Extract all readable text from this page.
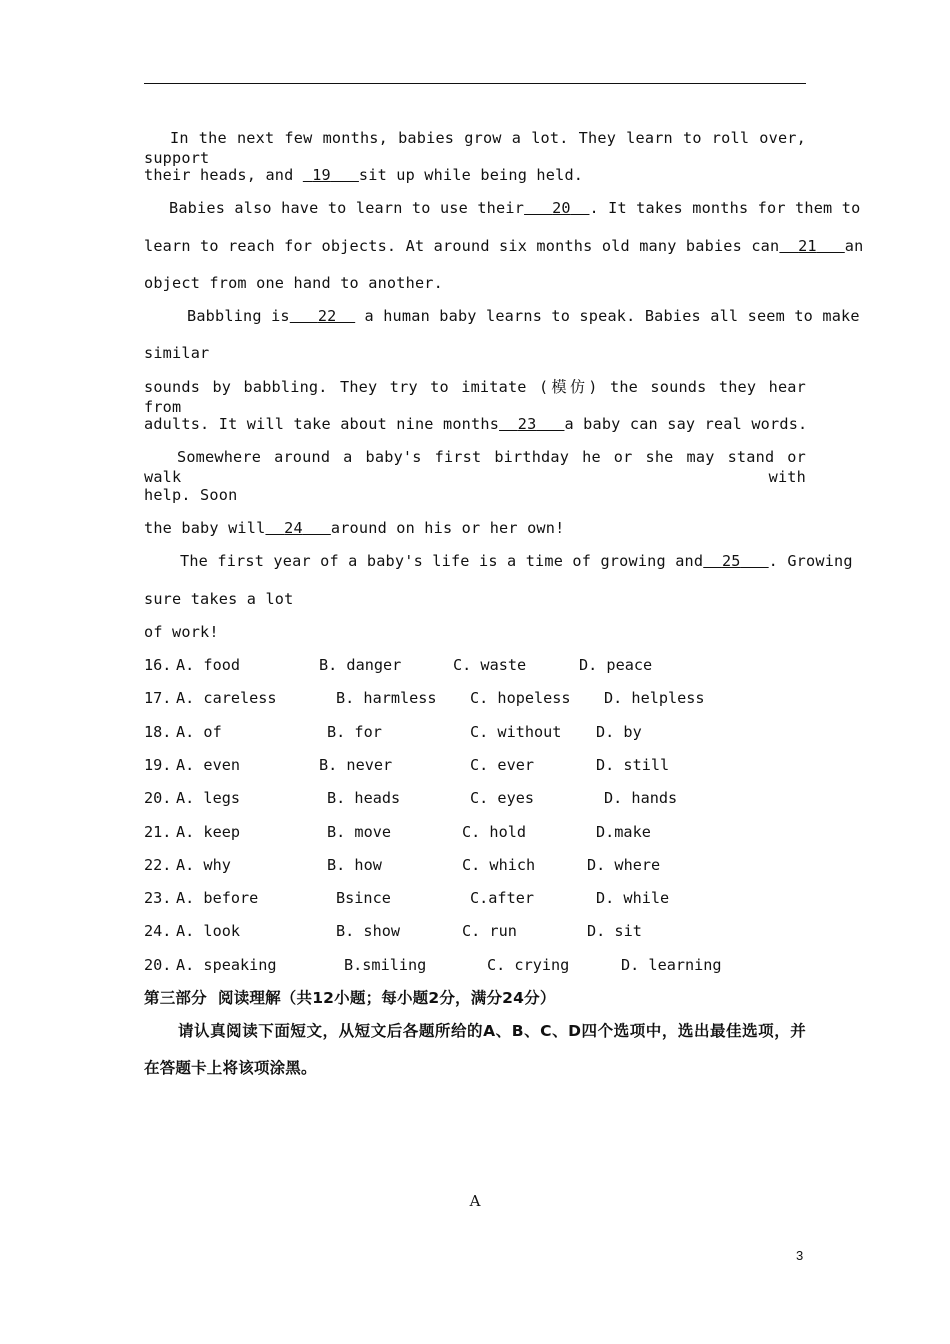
In the next few months, babies grow a lot. They learn to roll over, support
their heads, and  19 sit up while being held.
Babies also have to learn to use their 20 . It takes months for them to
learn to reach for objects. At around six months old many babies can 21 an
object from one hand to another.
Babbling is 22   a human baby learns to speak. Babies all seem to make
similar
sounds by babbling. They try to imitate (模仿) the sounds they hear from
adults. It will take about nine months 23 a baby can say real words.
Somewhere around a baby's first birthday he or she may stand or walk with
help. Soon
the baby will 24 around on his or her own!
The first year of a baby's life is a time of growing and 25 . Growing
sure takes a lot
of work!
16. A. food	B. danger	C. waste	D. peace
17. A. careless	B. harmless C. hopeless D. helpless
18. A. of	B. for	C. without D. by
19. A. even	B. never	C. ever	D. still
20. A. legs	B. heads	C. eyes	D. hands
21. A. keep	B. move	C. hold	D.make
22. A. why	B. how	C. which	D. where
23. A. before	Bsince	C.after	D. while
24. A. look	B. show	C. run	D. sit
20. A. speaking	B.smiling	C. crying	D. learning
第三部分  阅读理解（共12小题；每小题2分，满分24分）
请认真阅读下面短文，从短文后各题所给的A、B、C、D四个选项中，选出最佳选项，并
在答题卡上将该项涂黑。
A
3
